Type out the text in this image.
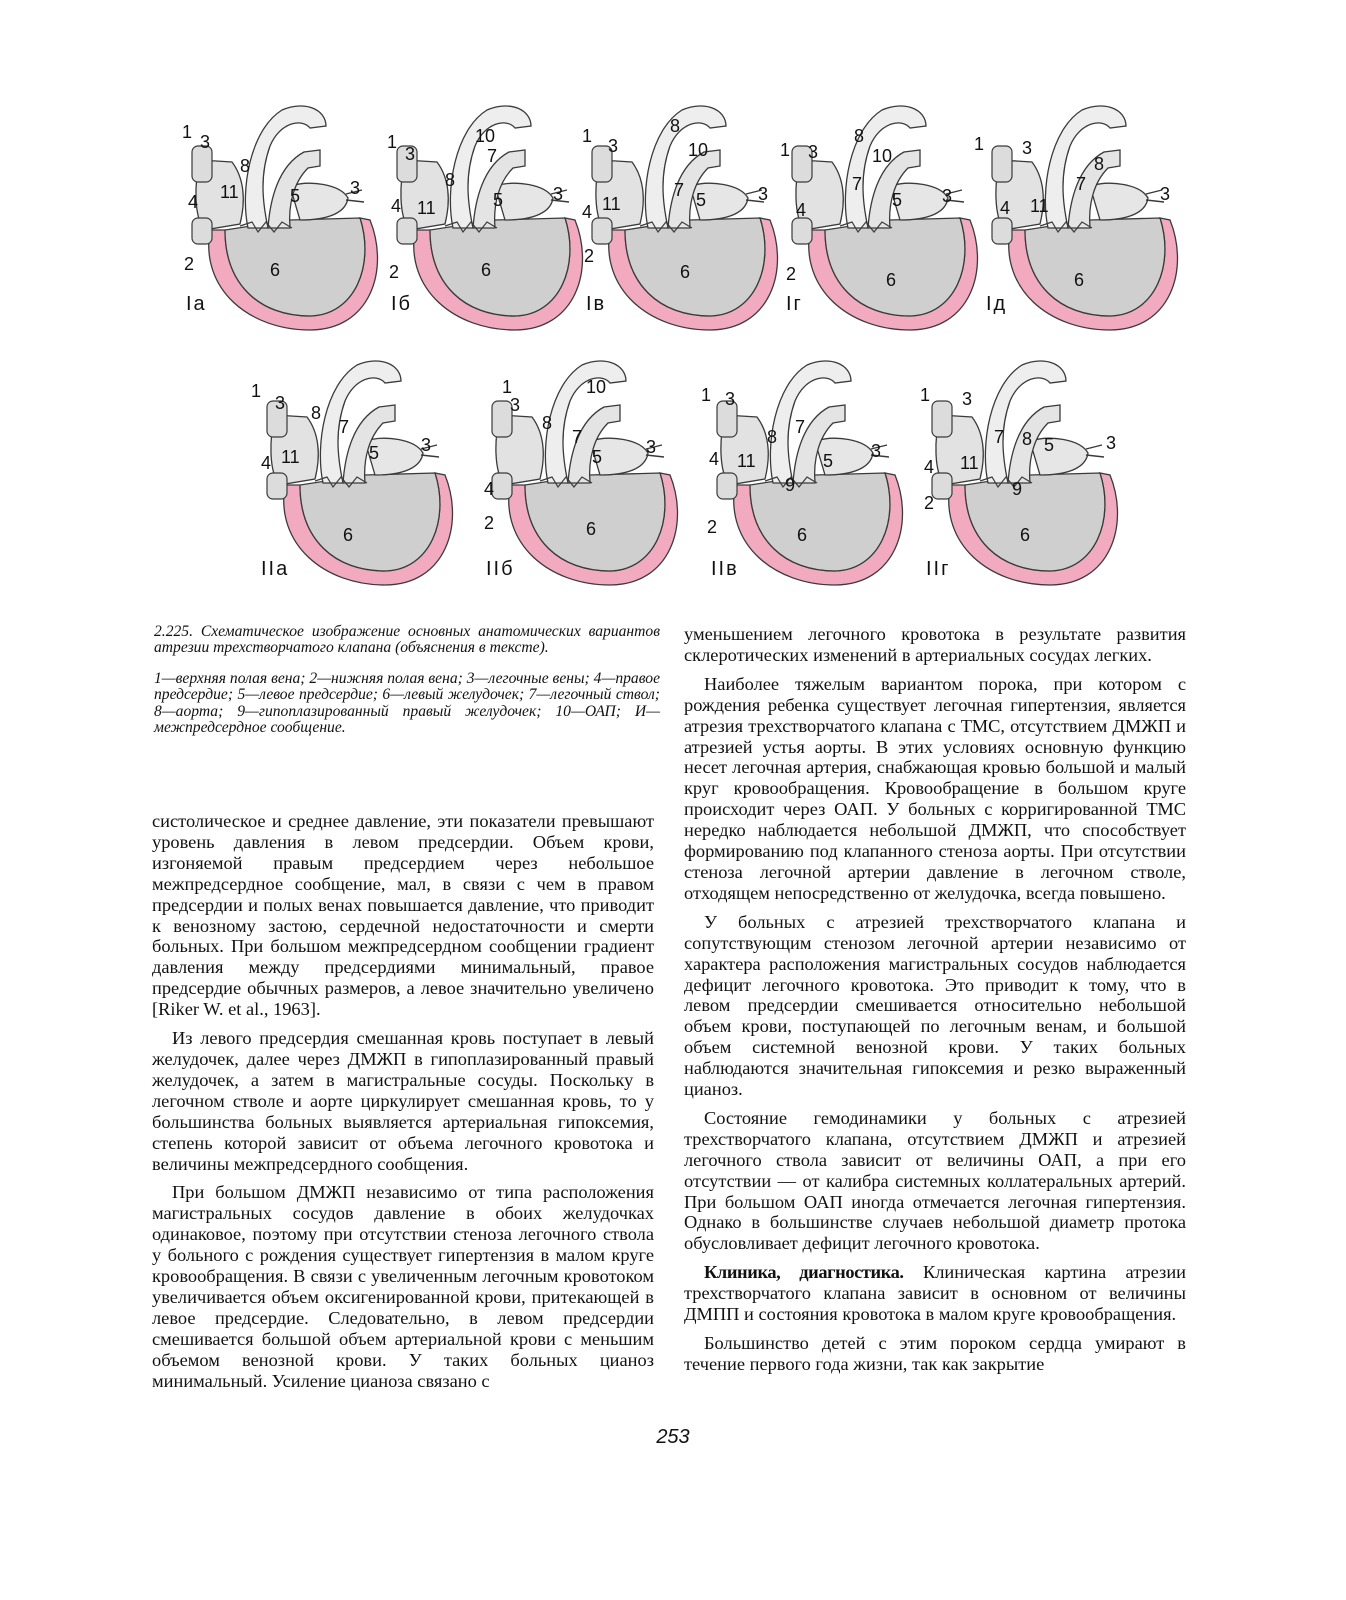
1 3
8
4 11	5	3
2	6
Ia
1
3
10
7
8
4 11	5	3
2	6
Iб
1 3
8
10
7
4 11	5	3
2
6
Iв
1 3
8
10
7
4	5 3
2	6
Iг
1 3
8
7
4 11
3
6
Iд
1
3 8
7
4 11	5 3
6
IIa
1
3
10
8
7
4
5 3
2	6
IIб
1 3
8 7
4 11	5 3
9
2	6
IIв
1 3
11
7 8 5	3
4
9
2
6
IIг

2.225. Схематическое изображение основных анатомических вариантов атрезии трехстворчатого клапана (объяснения в тексте).

1—верхняя полая вена; 2—нижняя полая вена; 3—легочные вены; 4—правое предсердие; 5—левое предсердие; 6—левый желудочек; 7—легочный ствол; 8—аорта; 9—гипоплазированный правый желудочек; 10—ОАП; И—межпредсердное сообщение.

систолическое и среднее давление, эти показатели превышают уровень давления в левом предсердии. Объем крови, изгоняемой правым предсердием через небольшое межпредсердное сообщение, мал, в связи с чем в правом предсердии и полых венах повышается давление, что приводит к венозному застою, сердечной недостаточности и смерти больных. При большом межпредсердном сообщении градиент давления между предсердиями минимальный, правое предсердие обычных размеров, а левое значительно увеличено [Riker W. et al., 1963].

Из левого предсердия смешанная кровь поступает в левый желудочек, далее через ДМЖП в гипоплазированный правый желудочек, а затем в магистральные сосуды. Поскольку в легочном стволе и аорте циркулирует смешанная кровь, то у большинства больных выявляется артериальная гипоксемия, степень которой зависит от объема легочного кровотока и величины межпредсердного сообщения.

При большом ДМЖП независимо от типа расположения магистральных сосудов давление в обоих желудочках одинаковое, поэтому при отсутствии стеноза легочного ствола у больного с рождения существует гипертензия в малом круге кровообращения. В связи с увеличенным легочным кровотоком увеличивается объем оксигенированной крови, притекающей в левое предсердие. Следовательно, в левом предсердии смешивается большой объем артериальной крови с меньшим объемом венозной крови. У таких больных цианоз минимальный. Усиление цианоза связано с

уменьшением легочного кровотока в результате развития склеротических изменений в артериальных сосудах легких.

Наиболее тяжелым вариантом порока, при котором с рождения ребенка существует легочная гипертензия, является атрезия трехстворчатого клапана с ТМС, отсутствием ДМЖП и атрезией устья аорты. В этих условиях основную функцию несет легочная артерия, снабжающая кровью большой и малый круг кровообращения. Кровообращение в большом круге происходит через ОАП. У больных с корригированной ТМС нередко наблюдается небольшой ДМЖП, что способствует формированию под клапанного стеноза аорты. При отсутствии стеноза легочной артерии давление в легочном стволе, отходящем непосредственно от желудочка, всегда повышено.

У больных с атрезией трехстворчатого клапана и сопутствующим стенозом легочной артерии независимо от характера расположения магистральных сосудов наблюдается дефицит легочного кровотока. Это приводит к тому, что в левом предсердии смешивается относительно небольшой объем крови, поступающей по легочным венам, и большой объем системной венозной крови. У таких больных наблюдаются значительная гипоксемия и резко выраженный цианоз.

Состояние гемодинамики у больных с атрезией трехстворчатого клапана, отсутствием ДМЖП и атрезией легочного ствола зависит от величины ОАП, а при его отсутствии — от калибра системных коллатеральных артерий. При большом ОАП иногда отмечается легочная гипертензия. Однако в большинстве случаев небольшой диаметр протока обусловливает дефицит легочного кровотока.

Клиника, диагностика. Клиническая картина атрезии трехстворчатого клапана зависит в основном от величины ДМПП и состояния кровотока в малом круге кровообращения.

Большинство детей с этим пороком сердца умирают в течение первого года жизни, так как закрытие

253
